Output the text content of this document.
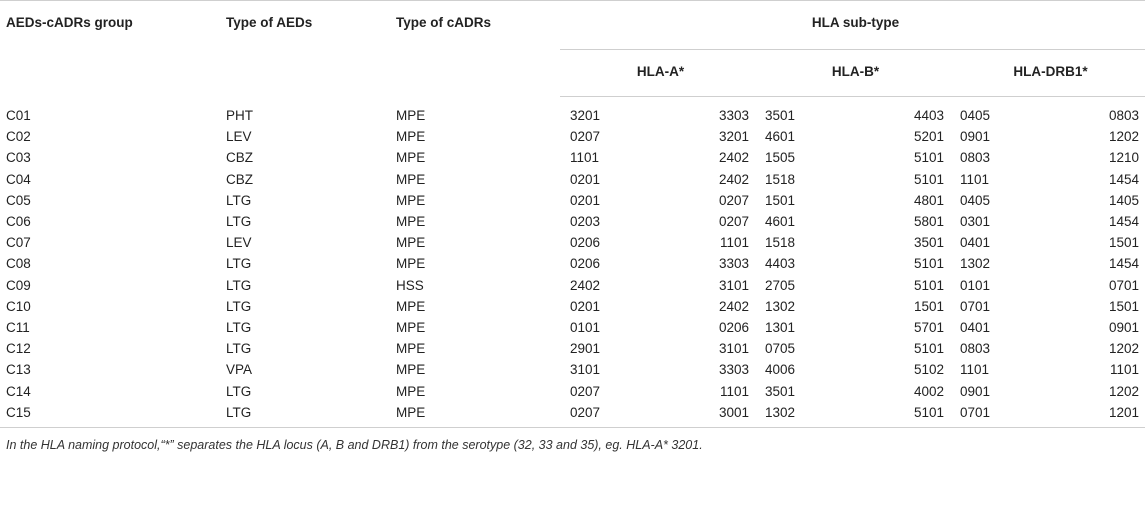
AEDs-cADRs group	Type of AEDs	Type of cADRs	HLA sub-type					
			HLA-A*		HLA-B*		HLA-DRB1*	
C01	PHT	MPE	3201	3303	3501	4403	0405	0803
C02	LEV	MPE	0207	3201	4601	5201	0901	1202
C03	CBZ	MPE	1101	2402	1505	5101	0803	1210
C04	CBZ	MPE	0201	2402	1518	5101	1101	1454
C05	LTG	MPE	0201	0207	1501	4801	0405	1405
C06	LTG	MPE	0203	0207	4601	5801	0301	1454
C07	LEV	MPE	0206	1101	1518	3501	0401	1501
C08	LTG	MPE	0206	3303	4403	5101	1302	1454
C09	LTG	HSS	2402	3101	2705	5101	0101	0701
C10	LTG	MPE	0201	2402	1302	1501	0701	1501
C11	LTG	MPE	0101	0206	1301	5701	0401	0901
C12	LTG	MPE	2901	3101	0705	5101	0803	1202
C13	VPA	MPE	3101	3303	4006	5102	1101	1101
C14	LTG	MPE	0207	1101	3501	4002	0901	1202
C15	LTG	MPE	0207	3001	1302	5101	0701	1201
In the HLA naming protocol,“*” separates the HLA locus (A, B and DRB1) from the serotype (32, 33 and 35), eg. HLA-A* 3201.
